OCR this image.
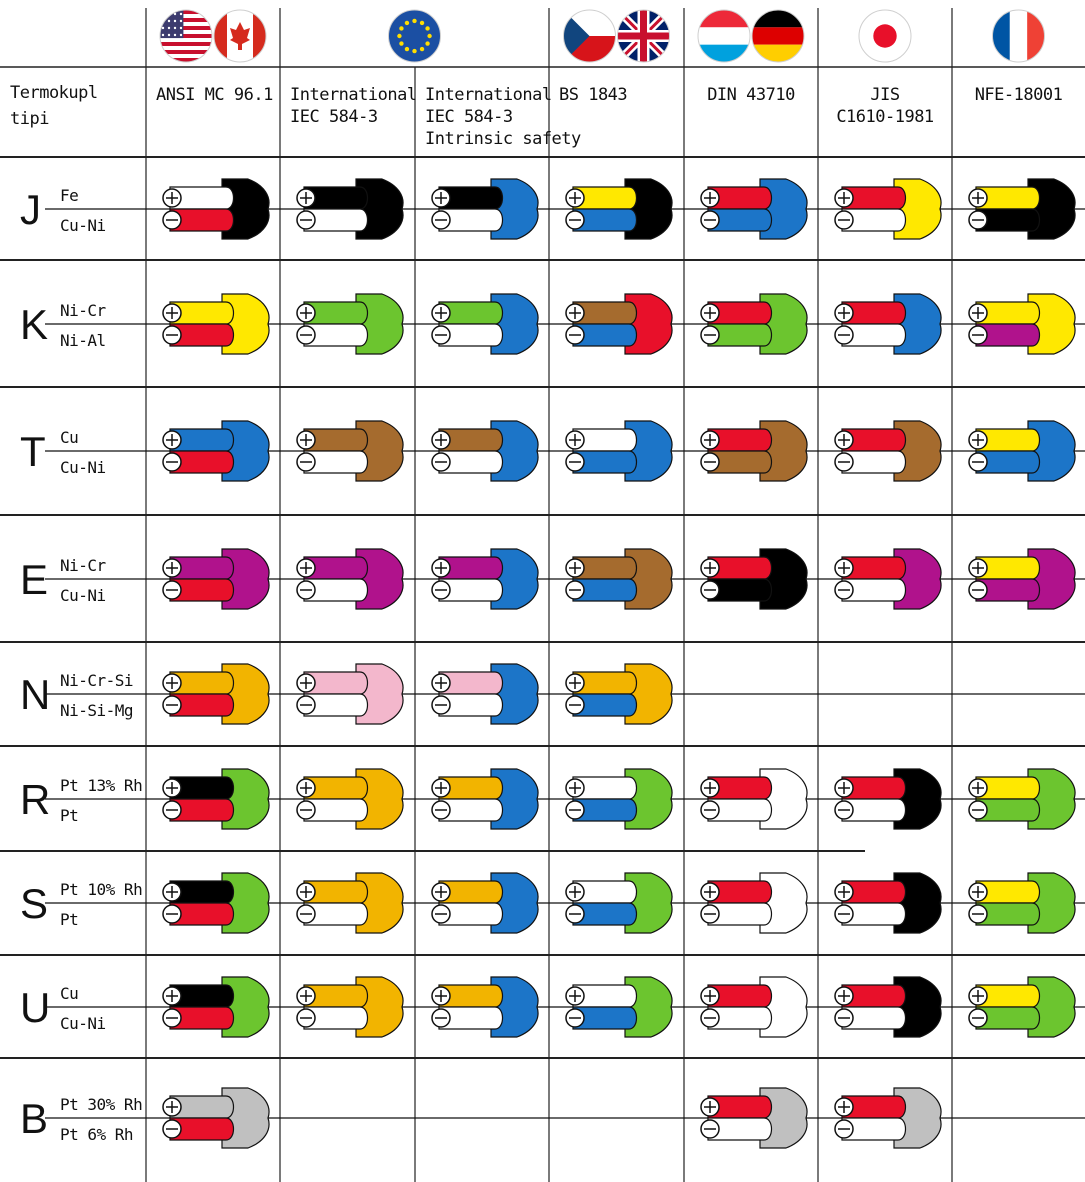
Termokupl
tipi
ANSI MC 96.1 International
IEC 584-3
International
IEC 584-3
Intrinsic safety
BS 1843	DIN 43710	JIS
C1610-1981
NFE-18001
J Fe
Cu-Ni
K Ni-Cr
Ni-Al
T Cu
Cu-Ni
E Ni-Cr
Cu-Ni
N Ni-Cr-Si
Ni-Si-Mg
R Pt 13% Rh
Pt
S Pt 10% Rh
Pt
U Cu
Cu-Ni
B Pt 30% Rh
Pt 6% Rh
